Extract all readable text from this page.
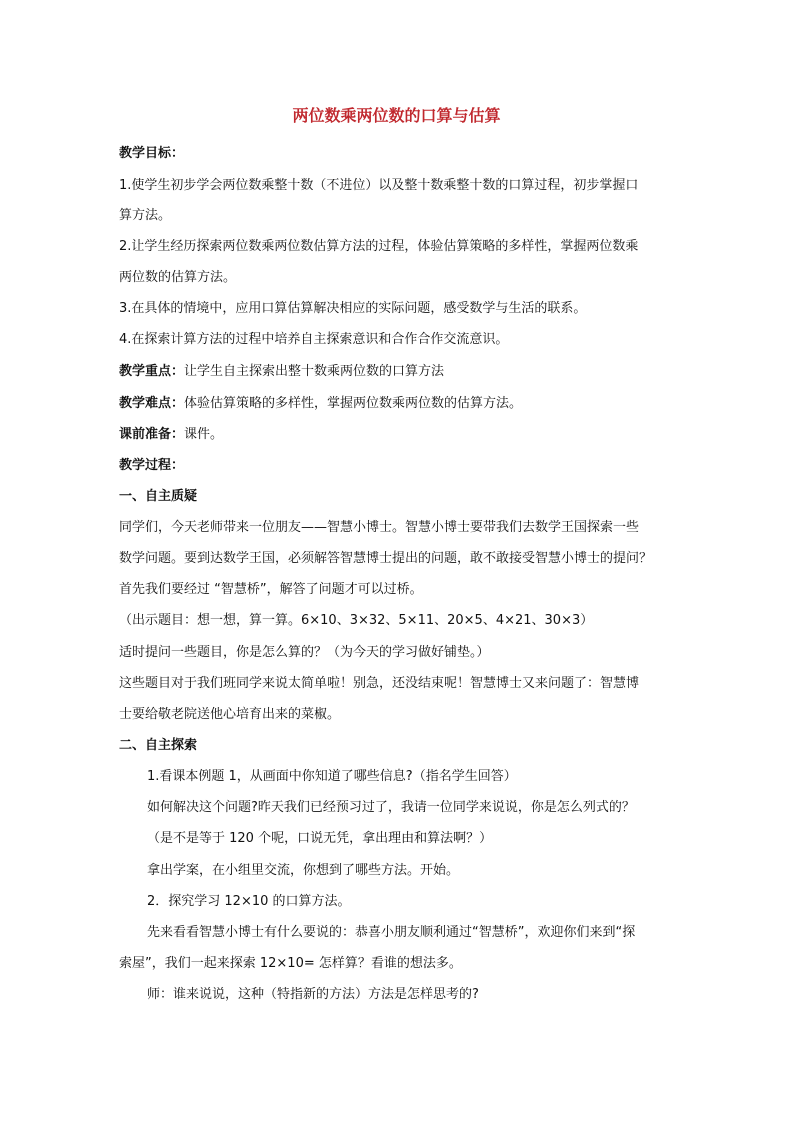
两位数乘两位数的口算与估算
教学目标：
1.使学生初步学会两位数乘整十数（不进位）以及整十数乘整十数的口算过程，初步掌握口
算方法。
2.让学生经历探索两位数乘两位数估算方法的过程，体验估算策略的多样性，掌握两位数乘
两位数的估算方法。
3.在具体的情境中，应用口算估算解决相应的实际问题，感受数学与生活的联系。
4.在探索计算方法的过程中培养自主探索意识和合作合作交流意识。
教学重点：让学生自主探索出整十数乘两位数的口算方法
教学难点：体验估算策略的多样性，掌握两位数乘两位数的估算方法。
课前准备：课件。
教学过程：
一、自主质疑
同学们，今天老师带来一位朋友——智慧小博士。智慧小博士要带我们去数学王国探索一些
数学问题。要到达数学王国，必须解答智慧博士提出的问题，敢不敢接受智慧小博士的提问？
首先我们要经过 “智慧桥”，解答了问题才可以过桥。
（出示题目：想一想，算一算。6×10、3×32、5×11、20×5、4×21、30×3）
适时提问一些题目，你是怎么算的？（为今天的学习做好铺垫。）
这些题目对于我们班同学来说太简单啦！别急，还没结束呢！智慧博士又来问题了：智慧博
士要给敬老院送他心培育出来的菜椒。
二、自主探索
1.看课本例题 1，从画面中你知道了哪些信息?（指名学生回答）
如何解决这个问题?昨天我们已经预习过了，我请一位同学来说说，你是怎么列式的？
（是不是等于 120 个呢，口说无凭，拿出理由和算法啊？）
拿出学案，在小组里交流，你想到了哪些方法。开始。
2．探究学习 12×10 的口算方法。
先来看看智慧小博士有什么要说的：恭喜小朋友顺利通过“智慧桥”，欢迎你们来到“探
索屋”，我们一起来探索 12×10= 怎样算？看谁的想法多。
师：谁来说说，这种（特指新的方法）方法是怎样思考的?
